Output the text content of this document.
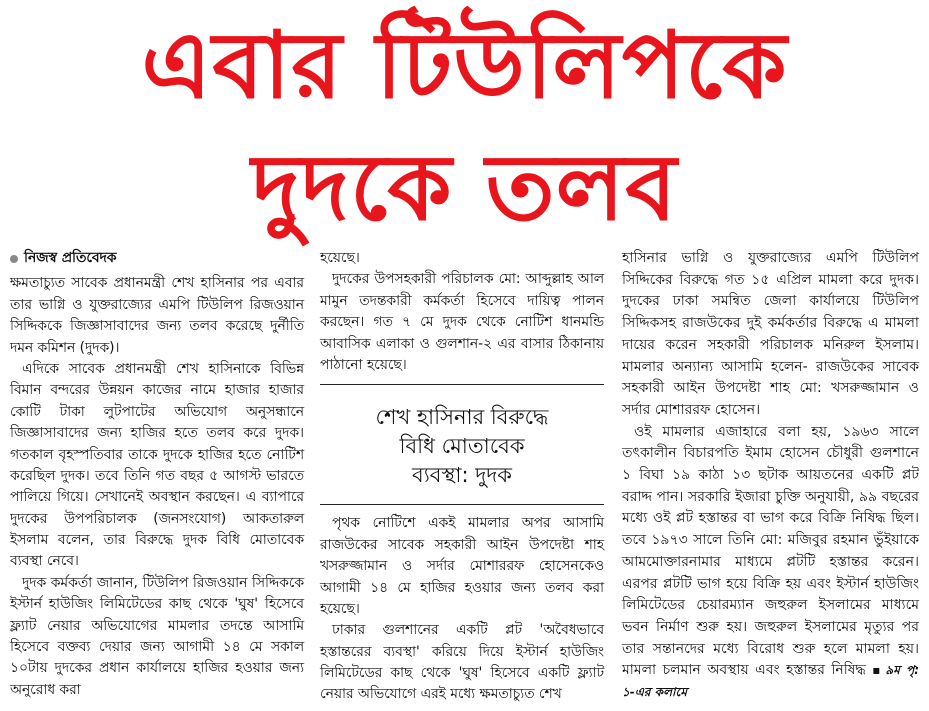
এবার টিউলিপকে
দুদকে তলব
নিজস্ব প্রতিবেদক

ক্ষমতাচ্যুত সাবেক প্রধানমন্ত্রী শেখ হাসিনার পর এবার তার ভাগ্নি ও যুক্তরাজ্যের এমপি টিউলিপ রিজওয়ান সিদ্দিককে জিজ্ঞাসাবাদের জন্য তলব করেছে দুর্নীতি দমন কমিশন (দুদক)।

এদিকে সাবেক প্রধানমন্ত্রী শেখ হাসিনাকে বিভিন্ন বিমান বন্দরের উন্নয়ন কাজের নামে হাজার হাজার কোটি টাকা লুটপাটের অভিযোগ অনুসন্ধানে জিজ্ঞাসাবাদের জন্য হাজির হতে তলব করে দুদক। গতকাল বৃহস্পতিবার তাকে দুদকে হাজির হতে নোটিশ করেছিল দুদক। তবে তিনি গত বছর ৫ আগস্ট ভারতে পালিয়ে গিয়ে। সেখানেই অবস্থান করছেন। এ ব্যাপারে দুদকের উপপরিচালক (জনসংযোগ) আকতারুল ইসলাম বলেন, তার বিরুদ্ধে দুদক বিধি মোতাবেক ব্যবস্থা নেবে।

দুদক কর্মকর্তা জানান, টিউলিপ রিজওয়ান সিদ্দিককে ইস্টার্ন হাউজিং লিমিটেডের কাছ থেকে 'ঘুষ' হিসেবে ফ্ল্যাট নেয়ার অভিযোগের মামলার তদন্তে আসামি হিসেবে বক্তব্য দেয়ার জন্য আগামী ১৪ মে সকাল ১০টায় দুদকের প্রধান কার্যালয়ে হাজির হওয়ার জন্য অনুরোধ করা

হয়েছে।

দুদকের উপসহকারী পরিচালক মো: আব্দুল্লাহ আল মামুন তদন্তকারী কর্মকর্তা হিসেবে দায়িত্ব পালন করছেন। গত ৭ মে দুদক থেকে নোটিশ ধানমন্ডি আবাসিক এলাকা ও গুলশান-২ এর বাসার ঠিকানায় পাঠানো হয়েছে।

শেখ হাসিনার বিরুদ্ধে
বিধি মোতাবেক
ব্যবস্থা: দুদক

পৃথক নোটিশে একই মামলার অপর আসামি রাজউকের সাবেক সহকারী আইন উপদেষ্টা শাহ খসরুজ্জামান ও সর্দার মোশাররফ হোসেনকেও আগামী ১৪ মে হাজির হওয়ার জন্য তলব করা হয়েছে।

ঢাকার গুলশানের একটি প্লট 'অবৈধভাবে হস্তান্তরের ব্যবস্থা' করিয়ে দিয়ে ইস্টার্ন হাউজিং লিমিটেডের কাছ থেকে 'ঘুষ' হিসেবে একটি ফ্ল্যাট নেয়ার অভিযোগে এরই মধ্যে ক্ষমতাচ্যুত শেখ

হাসিনার ভাগ্নি ও যুক্তরাজ্যের এমপি টিউলিপ সিদ্দিকের বিরুদ্ধে গত ১৫ এপ্রিল মামলা করে দুদক। দুদকের ঢাকা সমন্বিত জেলা কার্যালয়ে টিউলিপ সিদ্দিকসহ রাজউকের দুই কর্মকর্তার বিরুদ্ধে এ মামলা দায়ের করেন সহকারী পরিচালক মনিরুল ইসলাম। মামলার অন্যান্য আসামি হলেন- রাজউকের সাবেক সহকারী আইন উপদেষ্টা শাহ মো: খসরুজ্জামান ও সর্দার মোশাররফ হোসেন।

ওই মামলার এজাহারে বলা হয়, ১৯৬৩ সালে তৎকালীন বিচারপতি ইমাম হোসেন চৌধুরী গুলশানে ১ বিঘা ১৯ কাঠা ১৩ ছটাক আয়তনের একটি প্লট বরাদ্দ পান। সরকারি ইজারা চুক্তি অনুযায়ী, ৯৯ বছরের মধ্যে ওই প্লট হস্তান্তর বা ভাগ করে বিক্রি নিষিদ্ধ ছিল। তবে ১৯৭৩ সালে তিনি মো: মজিবুর রহমান ভুঁইয়াকে আমমোক্তারনামার মাধ্যমে প্লটটি হস্তান্তর করেন। এরপর প্লটটি ভাগ হয়ে বিক্রি হয় এবং ইস্টার্ন হাউজিং লিমিটেডের চেয়ারম্যান জহুরুল ইসলামের মাধ্যমে ভবন নির্মাণ শুরু হয়। জহুরুল ইসলামের মৃত্যুর পর তার সন্তানদের মধ্যে বিরোধ শুরু হলে মামলা হয়। মামলা চলমান অবস্থায় এবং হস্তান্তর নিষিদ্ধ ▪ ৯ম পৃ: ১-এর কলামে
